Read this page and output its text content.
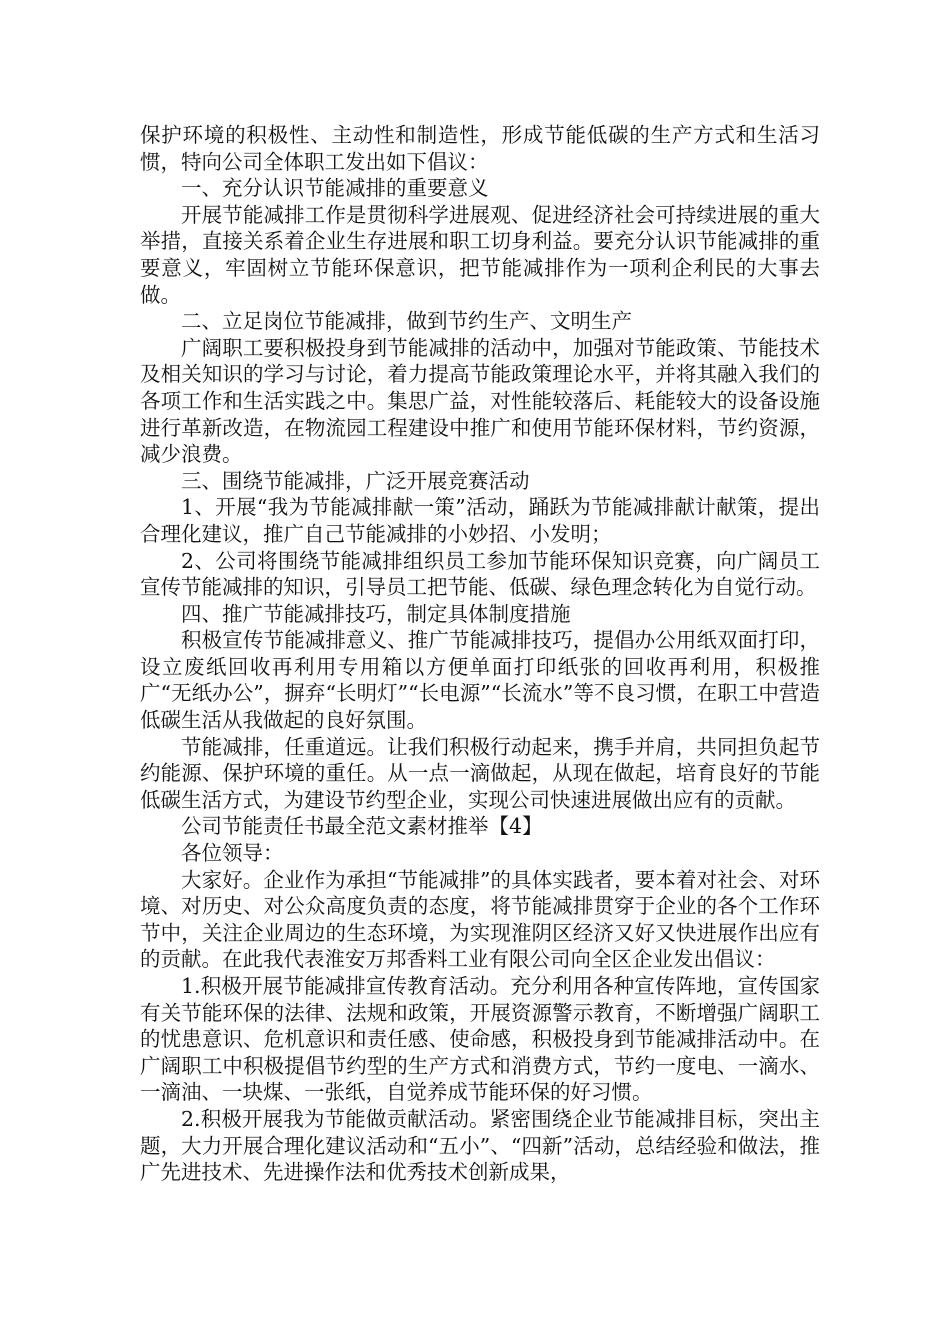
保护环境的积极性、主动性和制造性，形成节能低碳的生产方式和生活习惯，特向公司全体职工发出如下倡议：

一、充分认识节能减排的重要意义

开展节能减排工作是贯彻科学进展观、促进经济社会可持续进展的重大举措，直接关系着企业生存进展和职工切身利益。要充分认识节能减排的重要意义，牢固树立节能环保意识，把节能减排作为一项利企利民的大事去做。

二、立足岗位节能减排，做到节约生产、文明生产

广阔职工要积极投身到节能减排的活动中，加强对节能政策、节能技术及相关知识的学习与讨论，着力提高节能政策理论水平，并将其融入我们的各项工作和生活实践之中。集思广益，对性能较落后、耗能较大的设备设施进行革新改造，在物流园工程建设中推广和使用节能环保材料，节约资源，减少浪费。

三、围绕节能减排，广泛开展竞赛活动

1、开展“我为节能减排献一策”活动，踊跃为节能减排献计献策，提出合理化建议，推广自己节能减排的小妙招、小发明；

2、公司将围绕节能减排组织员工参加节能环保知识竞赛，向广阔员工宣传节能减排的知识，引导员工把节能、低碳、绿色理念转化为自觉行动。

四、推广节能减排技巧，制定具体制度措施

积极宣传节能减排意义、推广节能减排技巧，提倡办公用纸双面打印，设立废纸回收再利用专用箱以方便单面打印纸张的回收再利用，积极推广“无纸办公”，摒弃“长明灯”“长电源”“长流水”等不良习惯，在职工中营造低碳生活从我做起的良好氛围。

节能减排，任重道远。让我们积极行动起来，携手并肩，共同担负起节约能源、保护环境的重任。从一点一滴做起，从现在做起，培育良好的节能低碳生活方式，为建设节约型企业，实现公司快速进展做出应有的贡献。

公司节能责任书最全范文素材推举【4】

各位领导：

大家好。企业作为承担“节能减排”的具体实践者，要本着对社会、对环境、对历史、对公众高度负责的态度，将节能减排贯穿于企业的各个工作环节中，关注企业周边的生态环境，为实现淮阴区经济又好又快进展作出应有的贡献。在此我代表淮安万邦香料工业有限公司向全区企业发出倡议：

1.积极开展节能减排宣传教育活动。充分利用各种宣传阵地，宣传国家有关节能环保的法律、法规和政策，开展资源警示教育，不断增强广阔职工的忧患意识、危机意识和责任感、使命感，积极投身到节能减排活动中。在广阔职工中积极提倡节约型的生产方式和消费方式，节约一度电、一滴水、一滴油、一块煤、一张纸，自觉养成节能环保的好习惯。

2.积极开展我为节能做贡献活动。紧密围绕企业节能减排目标，突出主题，大力开展合理化建议活动和“五小”、“四新”活动，总结经验和做法，推广先进技术、先进操作法和优秀技术创新成果，
